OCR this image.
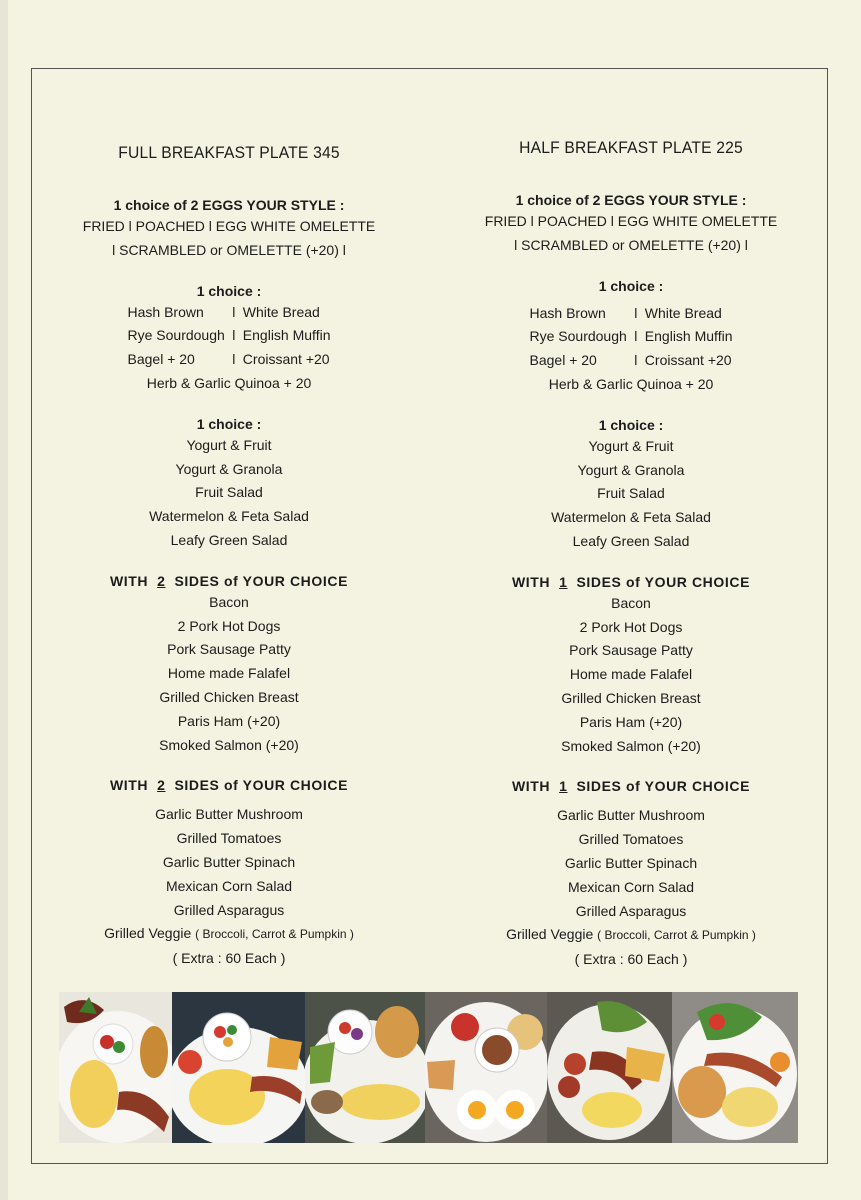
FULL BREAKFAST PLATE 345

1 choice of 2 EGGS YOUR STYLE :

FRIED l POACHED l EGG WHITE OMELETTE

l SCRAMBLED or OMELETTE (+20) l

1 choice :

Hash Brown	l White Bread
Rye Sourdough l English Muffin
Bagel + 20	l Croissant +20

Herb & Garlic Quinoa + 20

1 choice :

Yogurt & Fruit

Yogurt & Granola

Fruit Salad

Watermelon & Feta Salad

Leafy Green Salad

WITH 2 SIDES of YOUR CHOICE

Bacon

2 Pork Hot Dogs

Pork Sausage Patty

Home made Falafel

Grilled Chicken Breast

Paris Ham (+20)

Smoked Salmon (+20)

WITH 2 SIDES of YOUR CHOICE

Garlic Butter Mushroom

Grilled Tomatoes

Garlic Butter Spinach

Mexican Corn Salad

Grilled Asparagus

Grilled Veggie ( Broccoli, Carrot & Pumpkin )

( Extra : 60 Each )

HALF BREAKFAST PLATE 225

1 choice of 2 EGGS YOUR STYLE :

FRIED l POACHED l EGG WHITE OMELETTE

l SCRAMBLED or OMELETTE (+20) l

1 choice :

Hash Brown	l White Bread
Rye Sourdough l English Muffin
Bagel + 20	l Croissant +20

Herb & Garlic Quinoa + 20

1 choice :

Yogurt & Fruit

Yogurt & Granola

Fruit Salad

Watermelon & Feta Salad

Leafy Green Salad

WITH 1 SIDES of YOUR CHOICE

Bacon

2 Pork Hot Dogs

Pork Sausage Patty

Home made Falafel

Grilled Chicken Breast

Paris Ham (+20)

Smoked Salmon (+20)

WITH 1 SIDES of YOUR CHOICE

Garlic Butter Mushroom

Grilled Tomatoes

Garlic Butter Spinach

Mexican Corn Salad

Grilled Asparagus

Grilled Veggie ( Broccoli, Carrot & Pumpkin )

( Extra : 60 Each )
